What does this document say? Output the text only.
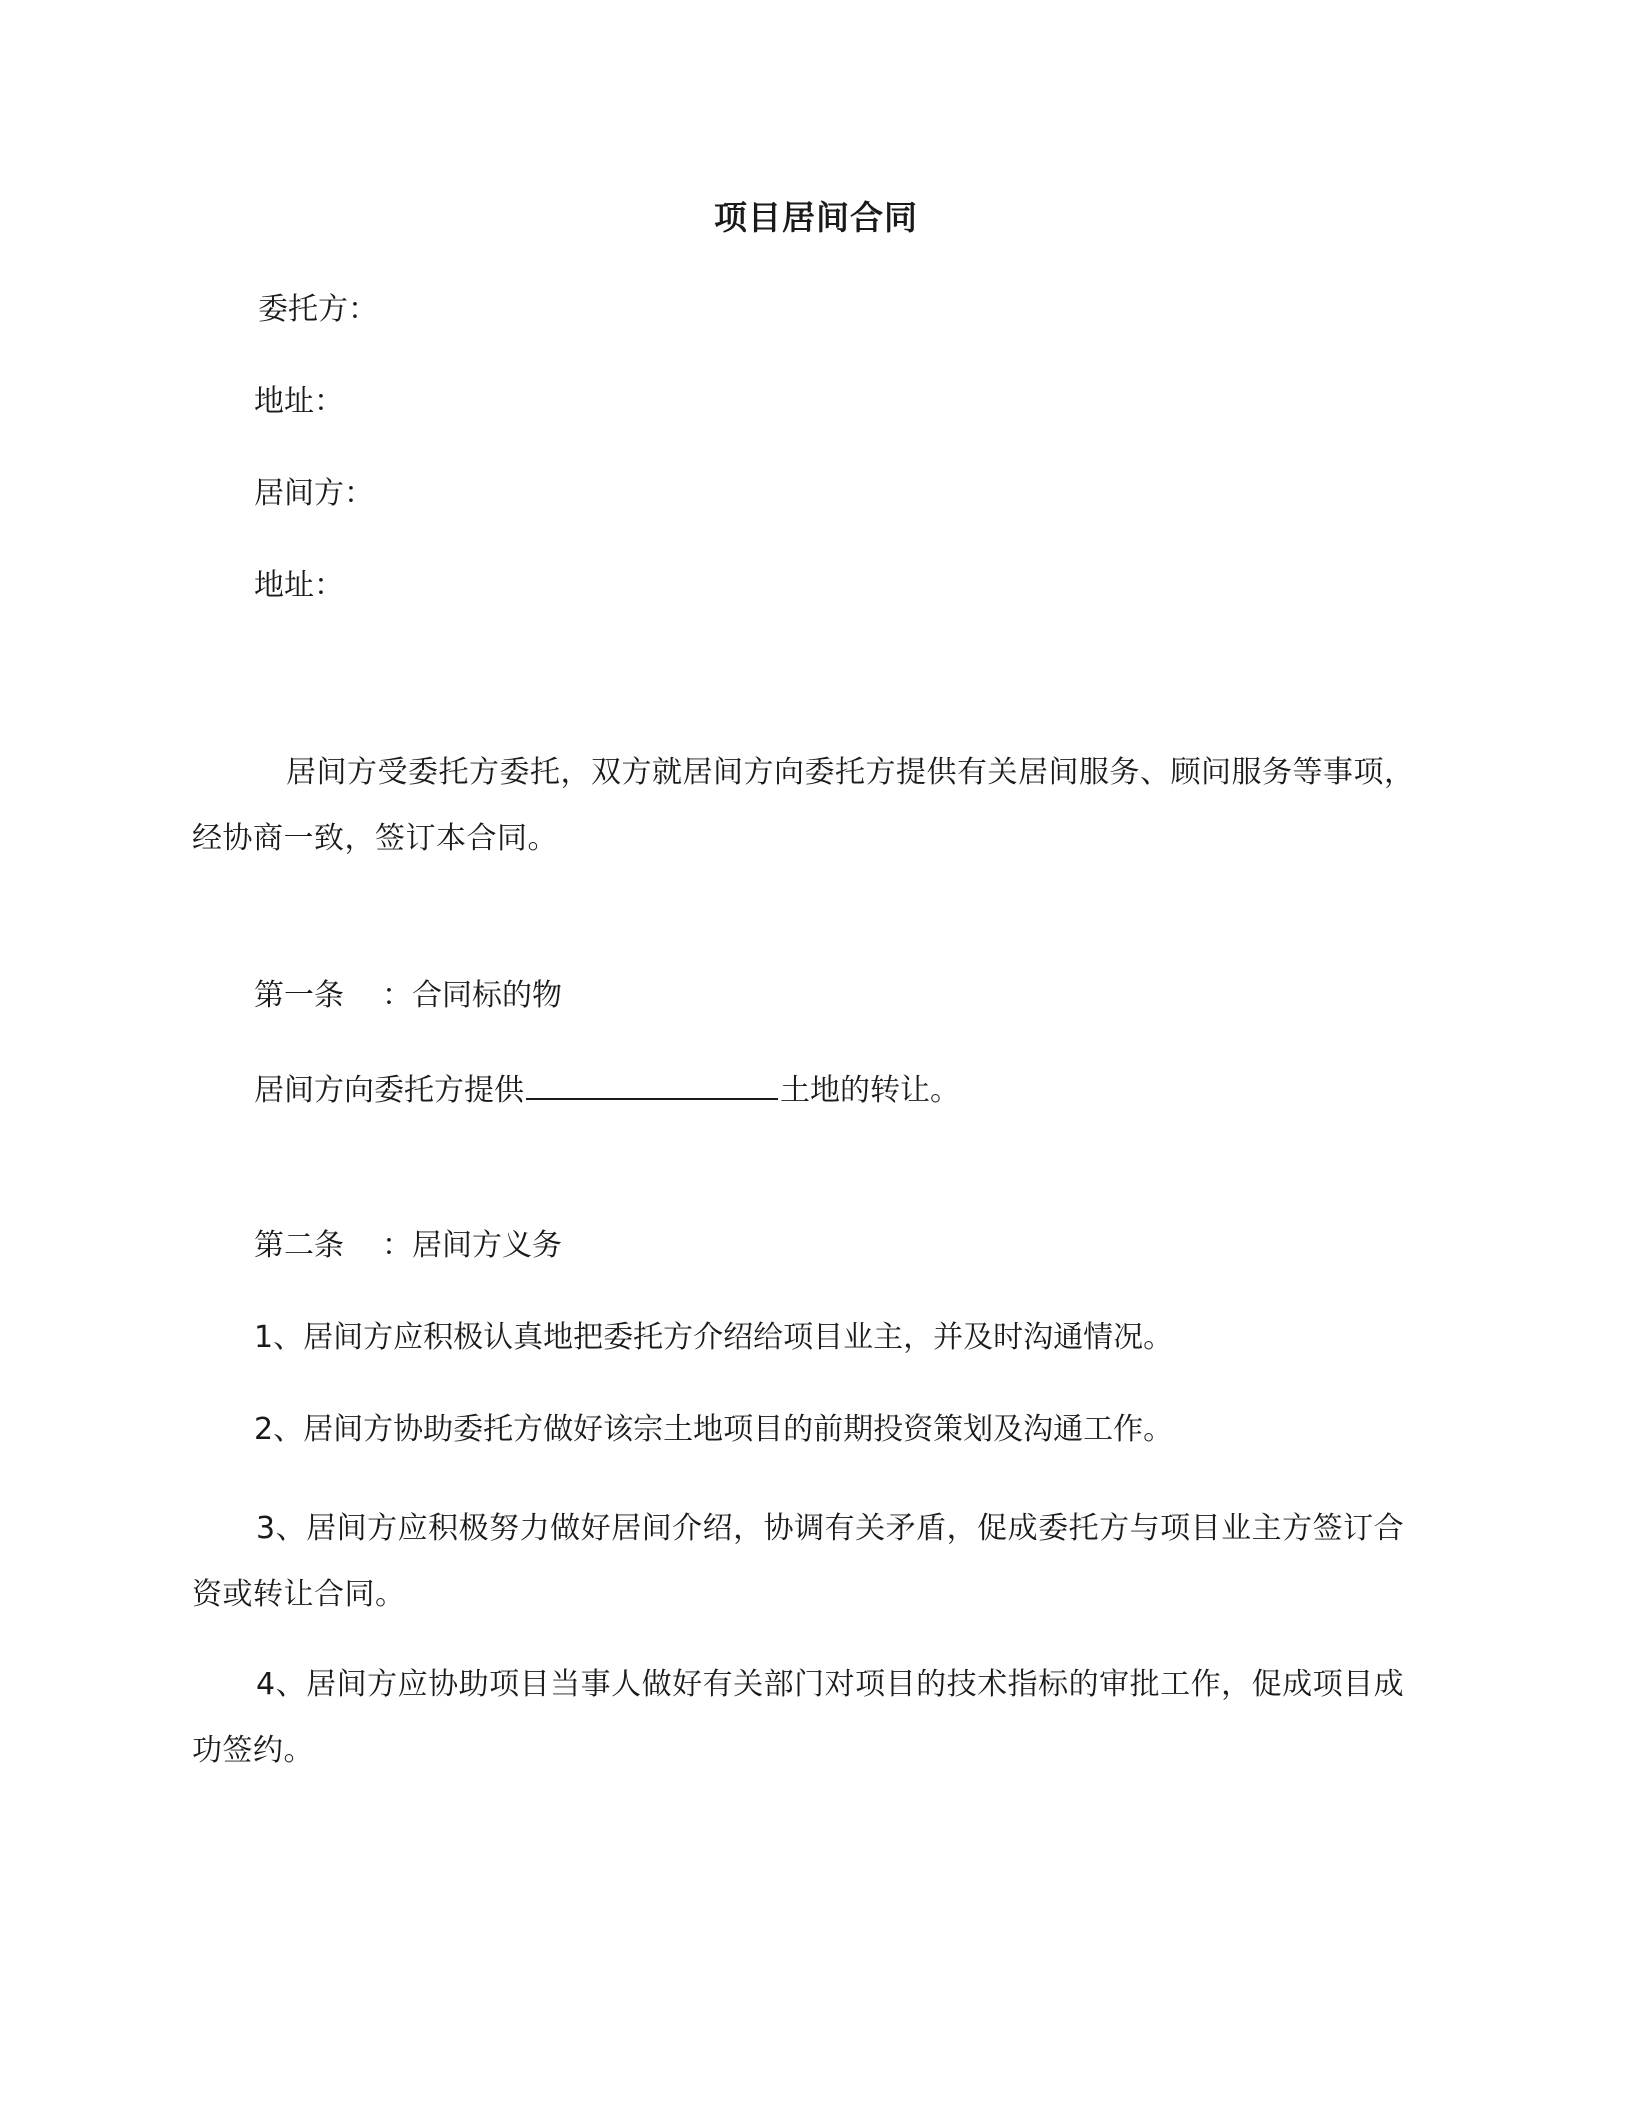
项目居间合同
委托方：
地址：
居间方：
地址：
居间方受委托方委托，双方就居间方向委托方提供有关居间服务、顾问服务等事项，经协商一致，签订本合同。
第一条 ：合同标的物
居间方向委托方提供	土地的转让。
第二条 ：居间方义务
1、居间方应积极认真地把委托方介绍给项目业主，并及时沟通情况。
2、居间方协助委托方做好该宗土地项目的前期投资策划及沟通工作。
3、居间方应积极努力做好居间介绍，协调有关矛盾，促成委托方与项目业主方签订合资或转让合同。
4、居间方应协助项目当事人做好有关部门对项目的技术指标的审批工作，促成项目成功签约。
